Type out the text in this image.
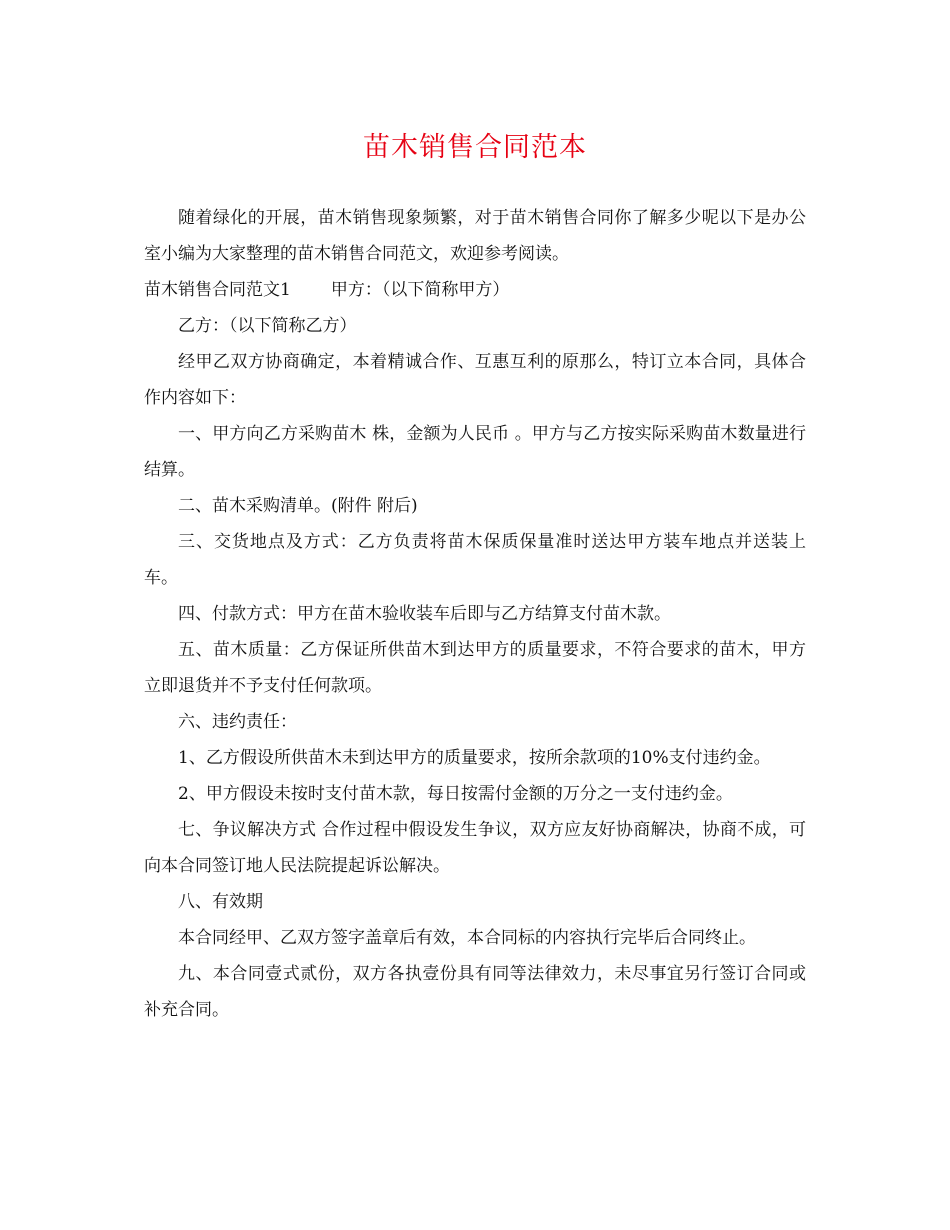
苗木销售合同范本

随着绿化的开展，苗木销售现象频繁，对于苗木销售合同你了解多少呢以下是办公室小编为大家整理的苗木销售合同范文，欢迎参考阅读。

苗木销售合同范文1 甲方：（以下简称甲方）

乙方：（以下简称乙方）

经甲乙双方协商确定，本着精诚合作、互惠互利的原那么，特订立本合同，具体合作内容如下：

一、甲方向乙方采购苗木 株，金额为人民币 。甲方与乙方按实际采购苗木数量进行结算。

二、苗木采购清单。(附件 附后)

三、交货地点及方式：乙方负责将苗木保质保量准时送达甲方装车地点并送装上车。

四、付款方式：甲方在苗木验收装车后即与乙方结算支付苗木款。

五、苗木质量：乙方保证所供苗木到达甲方的质量要求，不符合要求的苗木，甲方立即退货并不予支付任何款项。

六、违约责任：

1、乙方假设所供苗木未到达甲方的质量要求，按所余款项的10%支付违约金。

2、甲方假设未按时支付苗木款，每日按需付金额的万分之一支付违约金。

七、争议解决方式 合作过程中假设发生争议，双方应友好协商解决，协商不成，可向本合同签订地人民法院提起诉讼解决。

八、有效期

本合同经甲、乙双方签字盖章后有效，本合同标的内容执行完毕后合同终止。

九、本合同壹式贰份，双方各执壹份具有同等法律效力，未尽事宜另行签订合同或补充合同。
